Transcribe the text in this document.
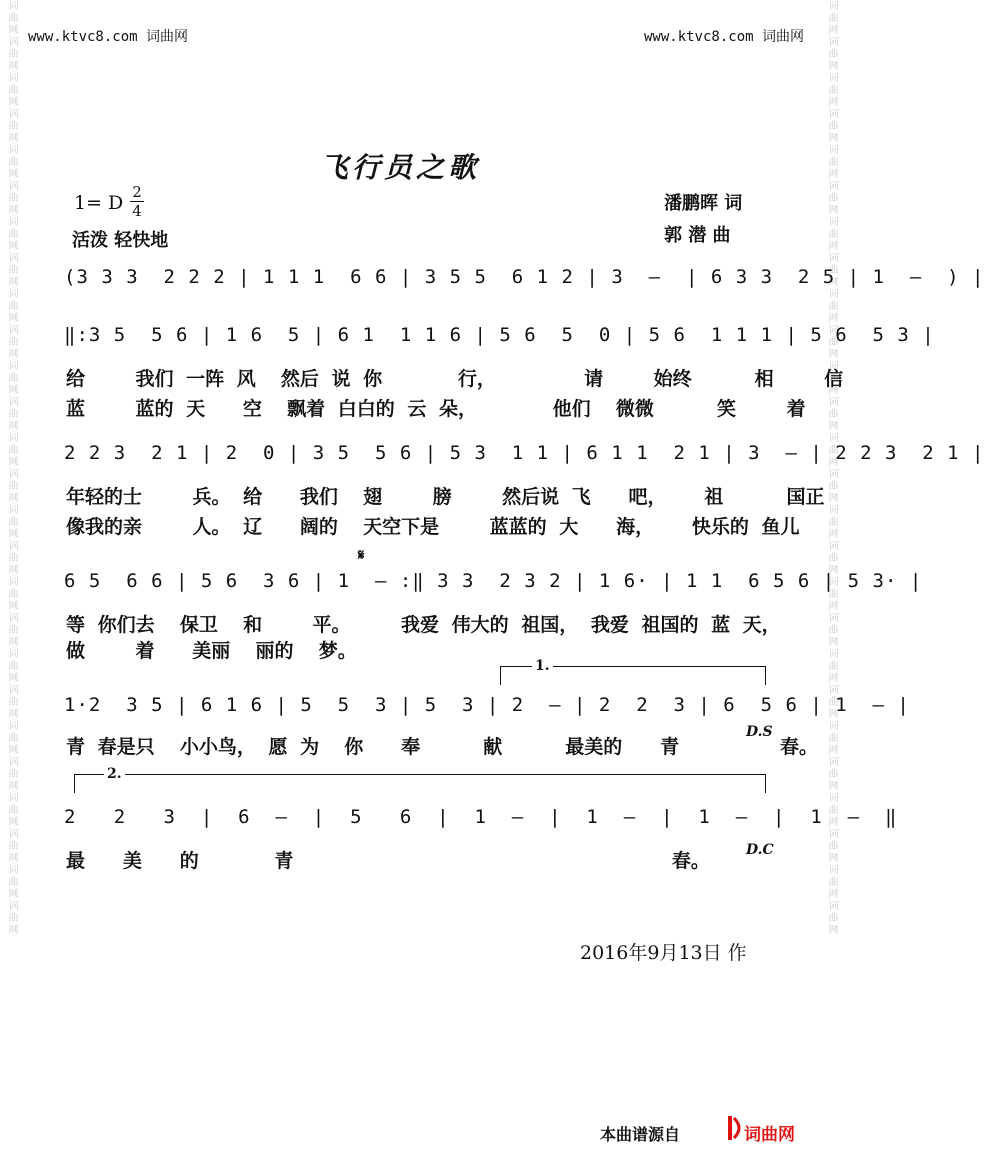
词曲网词曲网词曲网词曲网词曲网词曲网词曲网词曲网词曲网词曲网词曲网词曲网词曲网词曲网词曲网词曲网词曲网词曲网词曲网词曲网词曲网词曲网词曲网词曲网词曲网词曲网	词曲网词曲网词曲网词曲网词曲网词曲网词曲网词曲网词曲网词曲网词曲网词曲网词曲网词曲网词曲网词曲网词曲网词曲网词曲网词曲网词曲网词曲网词曲网词曲网词曲网词曲网
www.ktvc8.com 词曲网	www.ktvc8.com 词曲网
飞行员之歌
1= D 2
4
活泼 轻快地
潘鹏晖 词
郭 潜 曲
(3 3 3  2 2 2 | 1 1 1  6 6 | 3 5 5  6 1 2 | 3  —  | 6 3 3  2 5 | 1  —  ) |
‖:3 5  5 6 | 1 6  5 | 6 1  1 1 6 | 5 6  5  0 | 5 6  1 1 1 | 5 6  5 3 |
给    我们 一阵 风  然后 说 你      行，       请    始终     相    信
蓝    蓝的 天   空  飘着 白白的 云 朵，      他们  微微     笑    着
2 2 3  2 1 | 2  0 | 3 5  5 6 | 5 3  1 1 | 6 1 1  2 1 | 3  — | 2 2 3  2 1 |
年轻的士    兵。 给   我们  翅    膀    然后说 飞   吧，   祖     国正
像我的亲    人。 辽   阔的  天空下是    蓝蓝的 大   海，   快乐的 鱼儿
𝄋
6 5  6 6 | 5 6  3 6 | 1  — :‖ 3 3  2 3 2 | 1 6· | 1 1  6 5 6 | 5 3· |
等 你们去  保卫  和    平。    我爱 伟大的 祖国， 我爱 祖国的 蓝 天，
做    着   美丽  丽的  梦。
1.
1·2  3 5 | 6 1 6 | 5  5  3 | 5  3 | 2  — | 2  2  3 | 6  5 6 | 1  — |
青 春是只  小小鸟， 愿 为  你   奉     献     最美的   青        春。
D.S
2.
2   2   3  |  6  —  |  5   6  |  1  —  |  1  —  |  1  —  |  1  —  ‖
最   美   的      青                              春。	D.C
2016年9月13日 作
本曲谱源自	词曲网
